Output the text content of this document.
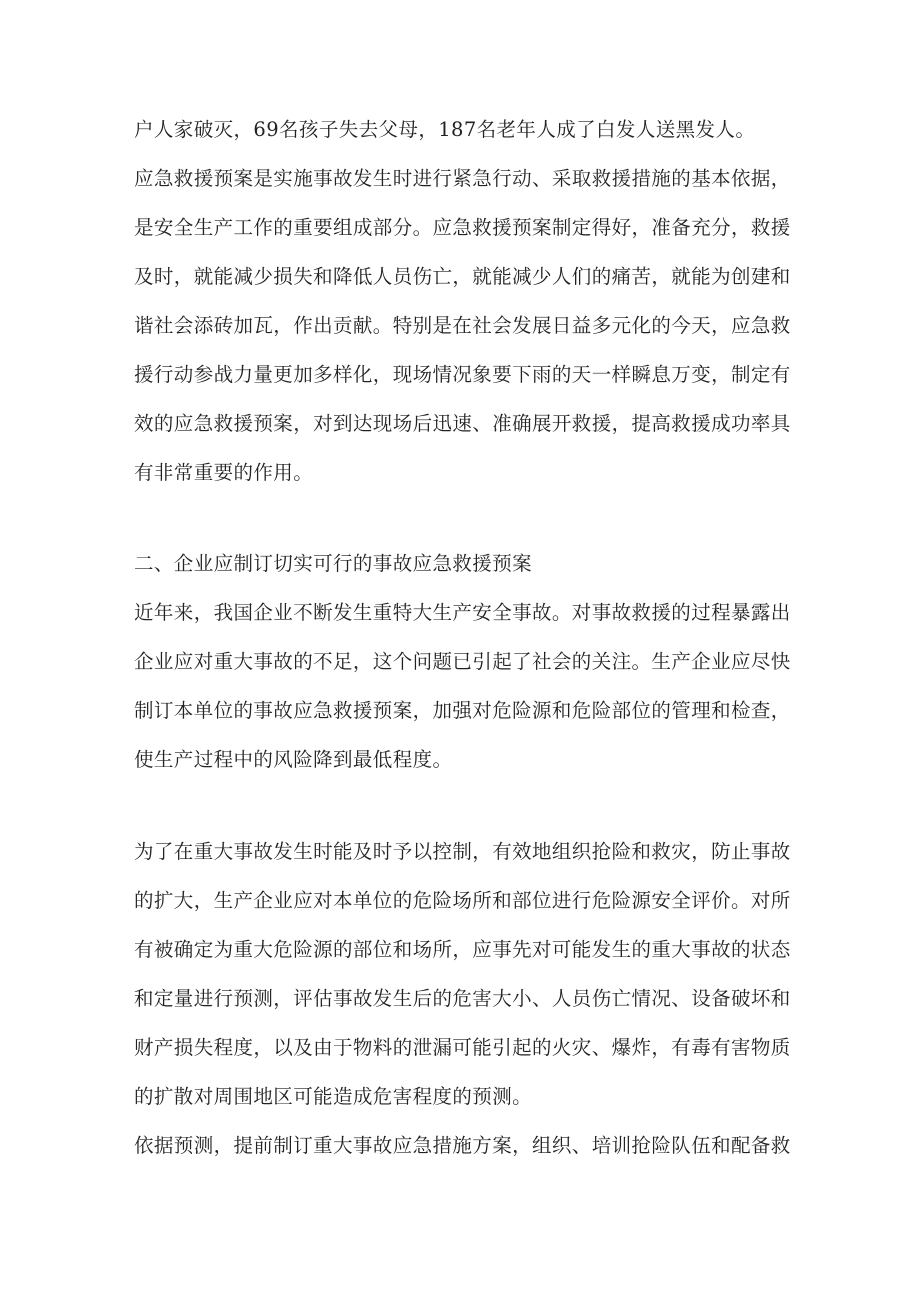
户人家破灭，69名孩子失去父母，187名老年人成了白发人送黑发人。
应急救援预案是实施事故发生时进行紧急行动、采取救援措施的基本依据，
是安全生产工作的重要组成部分。应急救援预案制定得好，准备充分，救援
及时，就能减少损失和降低人员伤亡，就能减少人们的痛苦，就能为创建和
谐社会添砖加瓦，作出贡献。特别是在社会发展日益多元化的今天，应急救
援行动参战力量更加多样化，现场情况象要下雨的天一样瞬息万变，制定有
效的应急救援预案，对到达现场后迅速、准确展开救援，提高救援成功率具
有非常重要的作用。
二、企业应制订切实可行的事故应急救援预案
近年来，我国企业不断发生重特大生产安全事故。对事故救援的过程暴露出
企业应对重大事故的不足，这个问题已引起了社会的关注。生产企业应尽快
制订本单位的事故应急救援预案，加强对危险源和危险部位的管理和检查，
使生产过程中的风险降到最低程度。
为了在重大事故发生时能及时予以控制，有效地组织抢险和救灾，防止事故
的扩大，生产企业应对本单位的危险场所和部位进行危险源安全评价。对所
有被确定为重大危险源的部位和场所，应事先对可能发生的重大事故的状态
和定量进行预测，评估事故发生后的危害大小、人员伤亡情况、设备破坏和
财产损失程度，以及由于物料的泄漏可能引起的火灾、爆炸，有毒有害物质
的扩散对周围地区可能造成危害程度的预测。
依据预测，提前制订重大事故应急措施方案，组织、培训抢险队伍和配备救
